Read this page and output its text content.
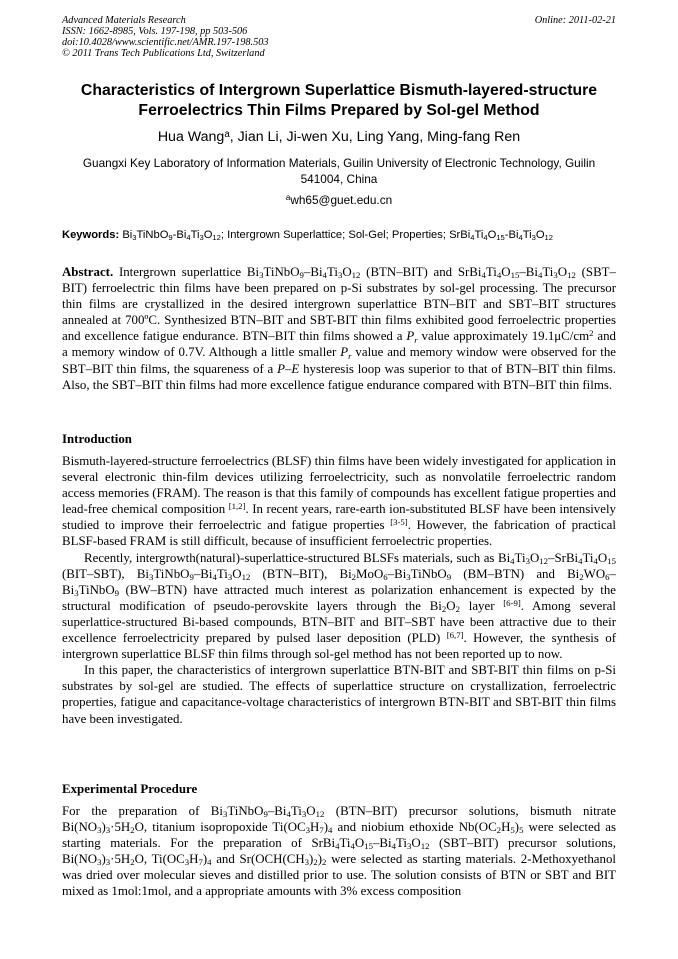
Advanced Materials Research
ISSN: 1662-8985, Vols. 197-198, pp 503-506
doi:10.4028/www.scientific.net/AMR.197-198.503
© 2011 Trans Tech Publications Ltd, Switzerland
Online: 2011-02-21
Characteristics of Intergrown Superlattice Bismuth-layered-structure
Ferroelectrics Thin Films Prepared by Sol-gel Method
Hua Wang$^a$, Jian Li, Ji-wen Xu, Ling Yang, Ming-fang Ren
Guangxi Key Laboratory of Information Materials, Guilin University of Electronic Technology, Guilin
541004, China
$^a$wh65@guet.edu.cn
Keywords: $Bi_3TiNbO_9-Bi_4Ti_3O_{12}$; Intergrown Superlattice; Sol-Gel; Properties; $SrBi_4Ti_4O_{15}-Bi_4Ti_3O_{12}$

Abstract. Intergrown superlattice $Bi_3TiNbO_9-Bi_4Ti_3O_{12}$ (BTN–BIT) and $SrBi_4Ti_4O_{15}-Bi_4Ti_3O_{12}$ (SBT–BIT) ferroelectric thin films have been prepared on p-Si substrates by sol-gel processing. The precursor thin films are crystallized in the desired intergrown superlattice BTN–BIT and SBT–BIT structures annealed at 700ºC. Synthesized BTN–BIT and SBT-BIT thin films exhibited good ferroelectric properties and excellence fatigue endurance. BTN–BIT thin films showed a $P_r$ value approximately $19.1\mu C/cm^2$ and a memory window of 0.7V. Although a little smaller $P_r$ value and memory window were observed for the SBT–BIT thin films, the squareness of a P–E hysteresis loop was superior to that of BTN–BIT thin films. Also, the SBT–BIT thin films had more excellence fatigue endurance compared with BTN–BIT thin films.

Introduction

Bismuth-layered-structure ferroelectrics (BLSF) thin films have been widely investigated for application in several electronic thin-film devices utilizing ferroelectricity, such as nonvolatile ferroelectric random access memories (FRAM). The reason is that this family of compounds has excellent fatigue properties and lead-free chemical composition [1,2]. In recent years, rare-earth ion-substituted BLSF have been intensively studied to improve their ferroelectric and fatigue properties [3-5]. However, the fabrication of practical BLSF-based FRAM is still difficult, because of insufficient ferroelectric properties.

Recently, intergrowth(natural)-superlattice-structured BLSFs materials, such as $Bi_4Ti_3O_{12}-SrBi_4Ti_4O_{15}$ (BIT–SBT), $Bi_3TiNbO_9-Bi_4Ti_3O_{12}$ (BTN–BIT), $Bi_2MoO_6-Bi_3TiNbO_9$ (BM–BTN) and $Bi_2WO_6-Bi_3TiNbO_9$ (BW–BTN) have attracted much interest as polarization enhancement is expected by the structural modification of pseudo-perovskite layers through the $Bi_2O_2$ layer [6-9]. Among several superlattice-structured Bi-based compounds, BTN–BIT and BIT–SBT have been attractive due to their excellence ferroelectricity prepared by pulsed laser deposition (PLD) [6,7]. However, the synthesis of intergrown superlattice BLSF thin films through sol-gel method has not been reported up to now.

In this paper, the characteristics of intergrown superlattice BTN-BIT and SBT-BIT thin films on p-Si substrates by sol-gel are studied. The effects of superlattice structure on crystallization, ferroelectric properties, fatigue and capacitance-voltage characteristics of intergrown BTN-BIT and SBT-BIT thin films have been investigated.

Experimental Procedure

For the preparation of $Bi_3TiNbO_9-Bi_4Ti_3O_{12}$ (BTN–BIT) precursor solutions, bismuth nitrate $Bi(NO_3)_3\cdot 5H_2O$, titanium isopropoxide $Ti(OC_3H_7)_4$ and niobium ethoxide $Nb(OC_2H_5)_5$ were selected as starting materials. For the preparation of $SrBi_4Ti_4O_{15}-Bi_4Ti_3O_{12}$ (SBT–BIT) precursor solutions, $Bi(NO_3)_3\cdot 5H_2O$, $Ti(OC_3H_7)_4$ and $Sr(OCH(CH_3)_2)_2$ were selected as starting materials. 2-Methoxyethanol was dried over molecular sieves and distilled prior to use. The solution consists of BTN or SBT and BIT mixed as 1mol:1mol, and a appropriate amounts with 3% excess composition
